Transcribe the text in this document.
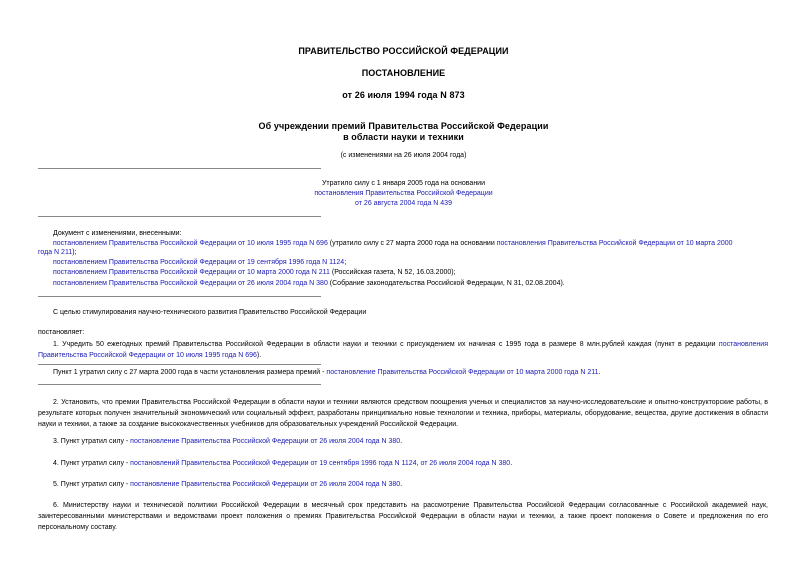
ПРАВИТЕЛЬСТВО РОССИЙСКОЙ ФЕДЕРАЦИИ
ПОСТАНОВЛЕНИЕ
от 26 июля 1994 года N 873
Об учреждении премий Правительства Российской Федерации
в области науки и техники
(с изменениями на 26 июля 2004 года)
Утратило силу с 1 января 2005 года на основании
постановления Правительства Российской Федерации
от 26 августа 2004 года N 439
Документ с изменениями, внесенными:
постановлением Правительства Российской Федерации от 10 июля 1995 года N 696 (утратило силу с 27 марта 2000 года на основании постановления Правительства Российской Федерации от 10 марта 2000
года N 211);
постановлением Правительства Российской Федерации от 19 сентября 1996 года N 1124;
постановлением Правительства Российской Федерации от 10 марта 2000 года N 211 (Российская газета, N 52, 16.03.2000);
постановлением Правительства Российской Федерации от 26 июля 2004 года N 380 (Собрание законодательства Российской Федерации, N 31, 02.08.2004).
С целью стимулирования научно-технического развития Правительство Российской Федерации
постановляет:
1. Учредить 50 ежегодных премий Правительства Российской Федерации в области науки и техники с присуждением их начиная с 1995 года в размере 8 млн.рублей каждая (пункт в редакции постановления Правительства Российской Федерации от 10 июля 1995 года N 696).
Пункт 1 утратил силу с 27 марта 2000 года в части установления размера премий - постановление Правительства Российской Федерации от 10 марта 2000 года N 211.
2. Установить, что премии Правительства Российской Федерации в области науки и техники являются средством поощрения ученых и специалистов за научно-исследовательские и опытно-конструкторские работы, в результате которых получен значительный экономический или социальный эффект, разработаны принципиально новые технологии и техника, приборы, материалы, оборудование, вещества, другие достижения в области науки и техники, а также за создание высококачественных учебников для образовательных учреждений Российской Федерации.
3. Пункт утратил силу - постановление Правительства Российской Федерации от 26 июля 2004 года N 380.
4. Пункт утратил силу - постановлений Правительства Российской Федерации от 19 сентября 1996 года N 1124, от 26 июля 2004 года N 380.
5. Пункт утратил силу - постановление Правительства Российской Федерации от 26 июля 2004 года N 380.
6. Министерству науки и технической политики Российской Федерации в месячный срок представить на рассмотрение Правительства Российской Федерации согласованные с Российской академией наук, заинтересованными министерствами и ведомствами проект положения о премиях Правительства Российской Федерации в области науки и техники, а также проект положения о Совете и предложения по его персональному составу.
